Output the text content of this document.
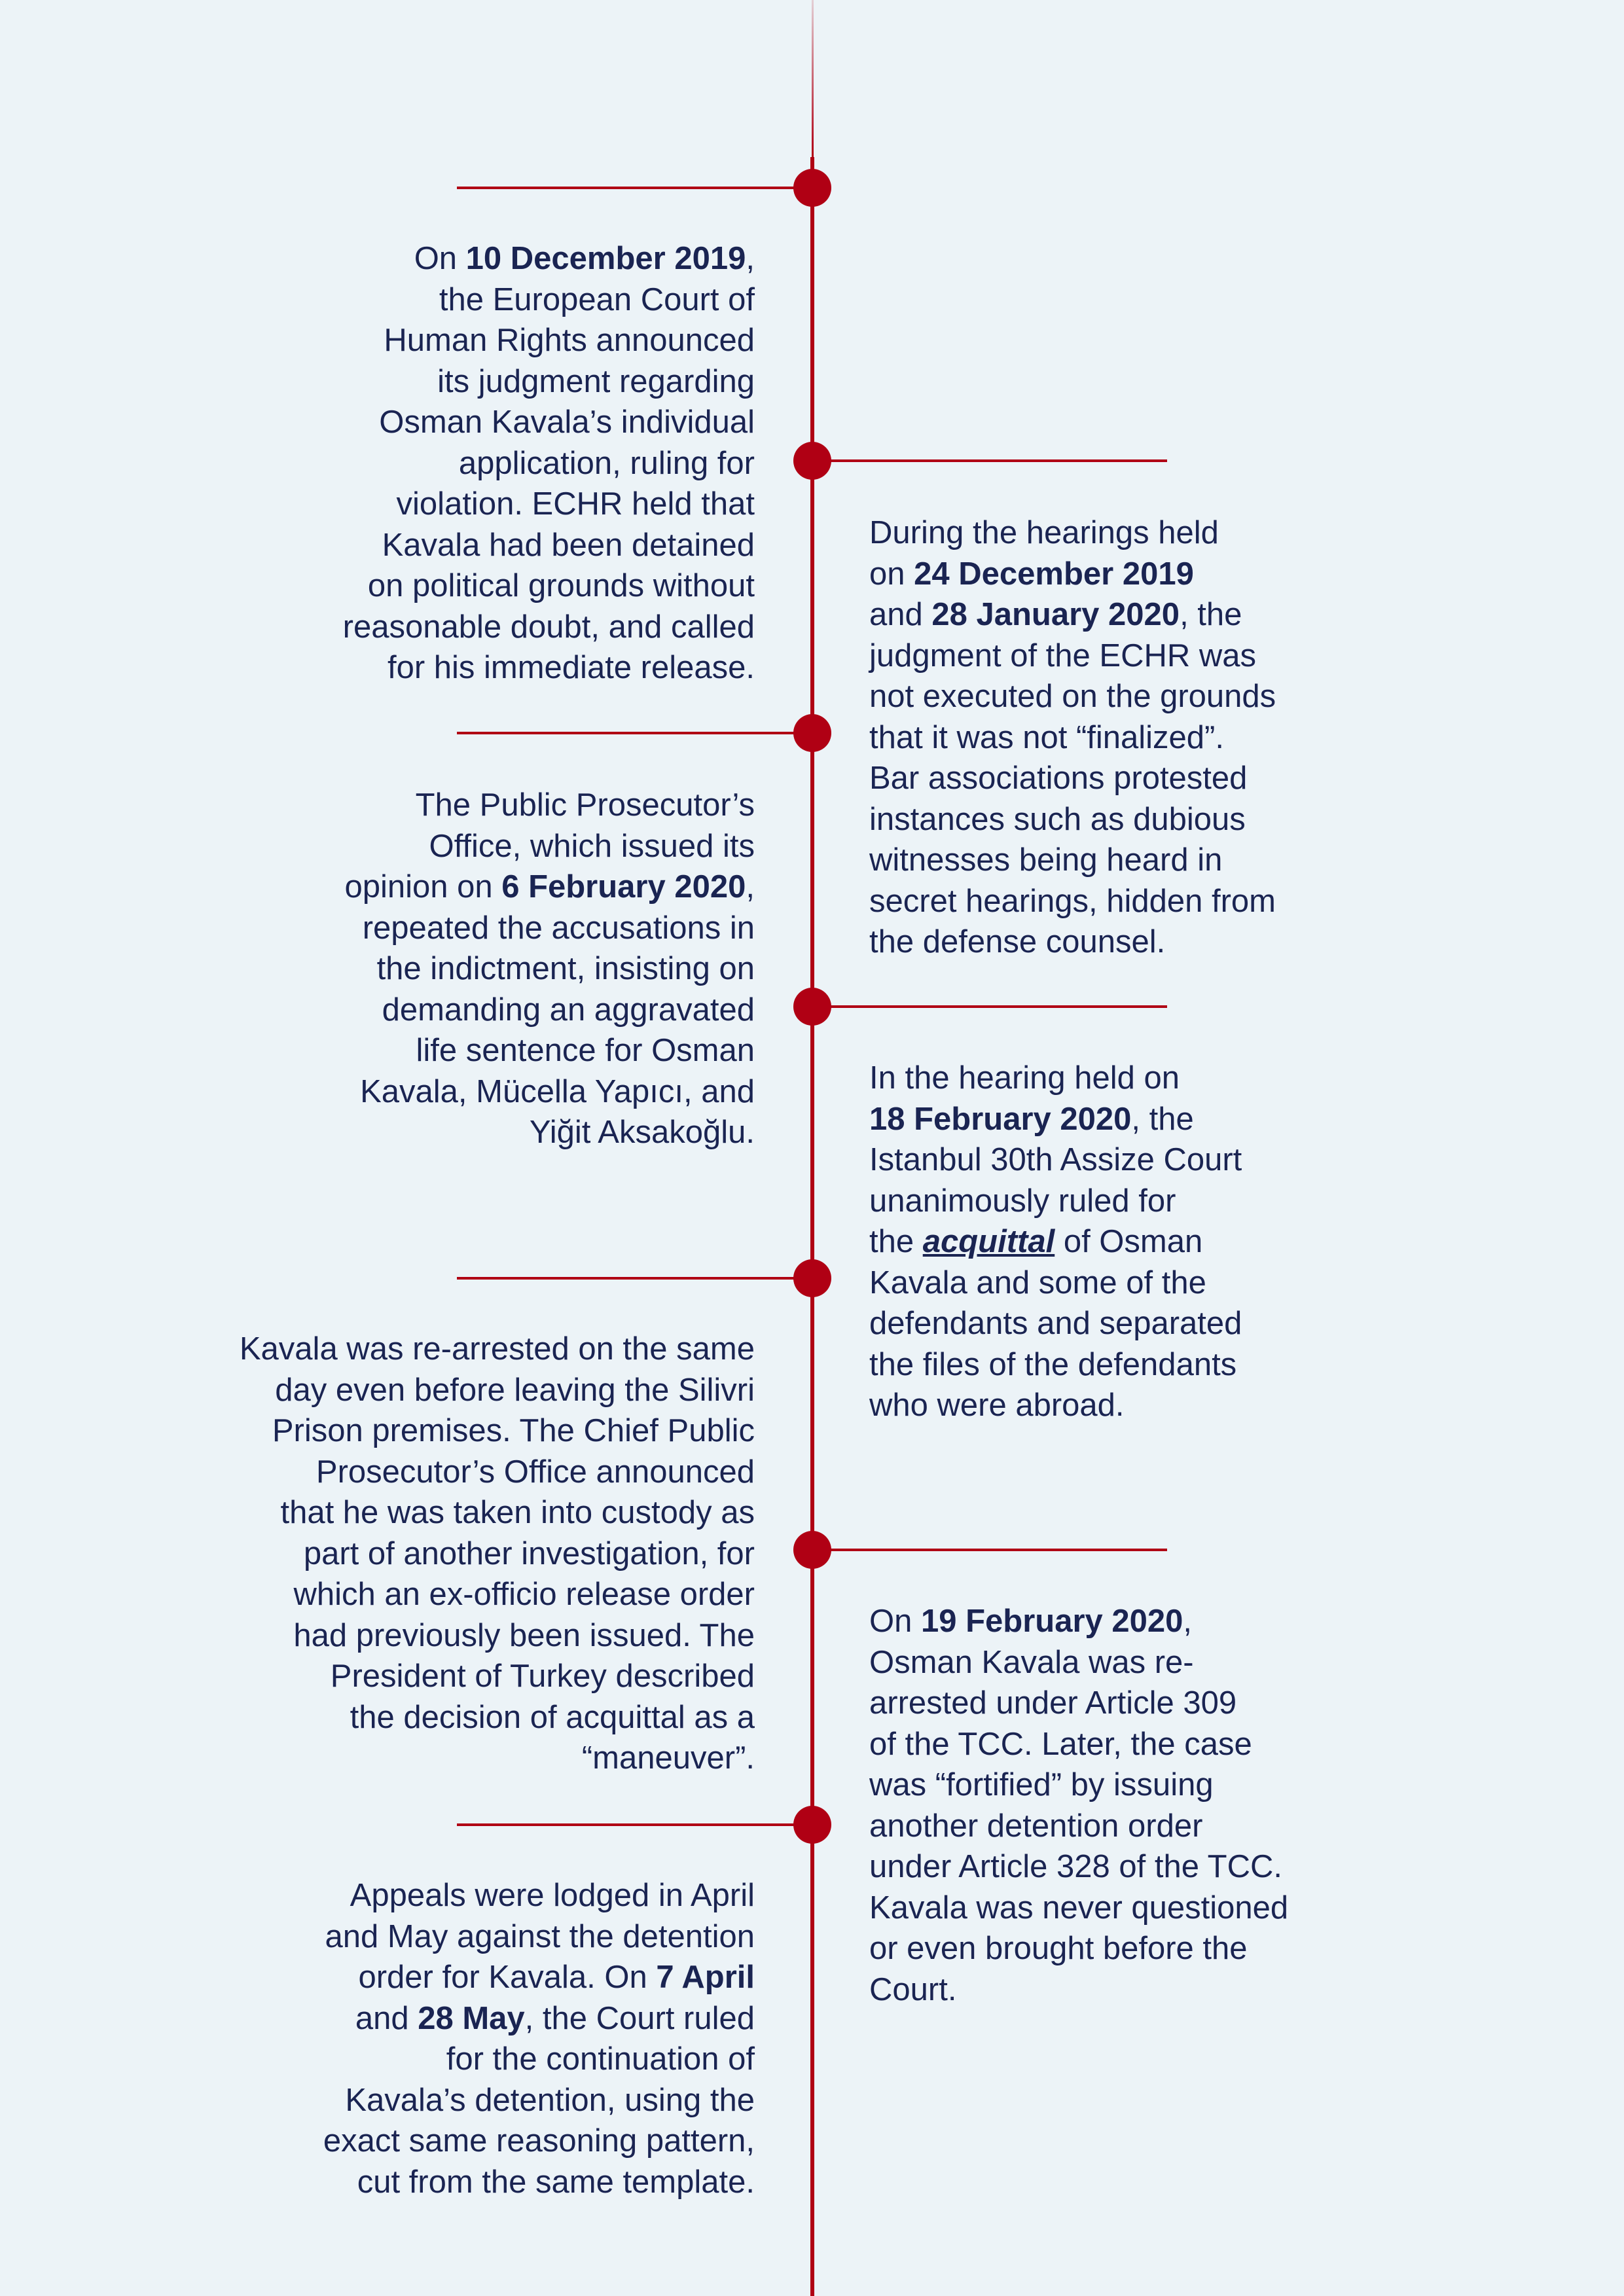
On 10 December 2019,
the European Court of
Human Rights announced
its judgment regarding
Osman Kavala’s individual
application, ruling for
violation. ECHR held that
Kavala had been detained
on political grounds without
reasonable doubt, and called
for his immediate release.

During the hearings held
on 24 December 2019
and 28 January 2020, the
judgment of the ECHR was
not executed on the grounds
that it was not “finalized”.
Bar associations protested
instances such as dubious
witnesses being heard in
secret hearings, hidden from
the defense counsel.

The Public Prosecutor’s
Office, which issued its
opinion on 6 February 2020,
repeated the accusations in
the indictment, insisting on
demanding an aggravated
life sentence for Osman
Kavala, Mücella Yapıcı, and
Yiğit Aksakoğlu.

In the hearing held on
18 February 2020, the
Istanbul 30th Assize Court
unanimously ruled for
the acquittal of Osman
Kavala and some of the
defendants and separated
the files of the defendants
who were abroad.

Kavala was re-arrested on the same
day even before leaving the Silivri
Prison premises. The Chief Public
Prosecutor’s Office announced
that he was taken into custody as
part of another investigation, for
which an ex-officio release order
had previously been issued. The
President of Turkey described
the decision of acquittal as a
“maneuver”.

On 19 February 2020,
Osman Kavala was re-
arrested under Article 309
of the TCC. Later, the case
was “fortified” by issuing
another detention order
under Article 328 of the TCC.
Kavala was never questioned
or even brought before the
Court.

Appeals were lodged in April
and May against the detention
order for Kavala. On 7 April
and 28 May, the Court ruled
for the continuation of
Kavala’s detention, using the
exact same reasoning pattern,
cut from the same template.
